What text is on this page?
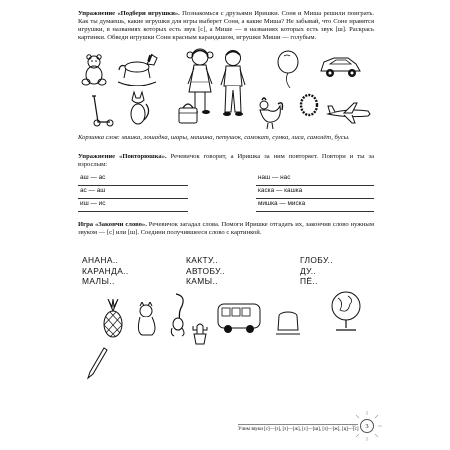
Упражнение «Подбери игрушки». Познакомься с друзьями Иришки. Соня и Миша решили поиграть. Как ты думаешь, какие игрушки для игры выберет Соня, а какие Миша? Не забывай, что Соне нравятся игрушки, в названиях которых есть звук [с], а Мише — в названиях которых есть звук [ш]. Раскрась картинки. Обведи игрушки Сони красным карандашом, игрушки Миши — голубым.

Корзинка слов: мишка, лошадка, шары, машина, петушок, самокат, сумка, лиса, самолёт, бусы.

Упражнение «Повторюшка». Речевичок говорит, а Иришка за ним повторяет. Повтори и ты за взрослым:

аш — ас	наш — нас
ас — аш	каска — кашка
иш — ис	мишка — миска

Игра «Закончи слово». Речевичок загадал слова. Помоги Иришке отгадать их, закончив слово нужным звуком — [с] или [ш]. Соедини получившееся слово с картинкой.

АНАНА..
КАРАНДА..
МАЛЫ..
КАКТУ..
АВТОБУ..
КАМЫ..
ГЛОБУ..
ДУ..
ПЁ..
Учим звуки [с]—[з], [з]—[ж], [с]—[ш], [з]—[ж], [ц]—[с]	3
